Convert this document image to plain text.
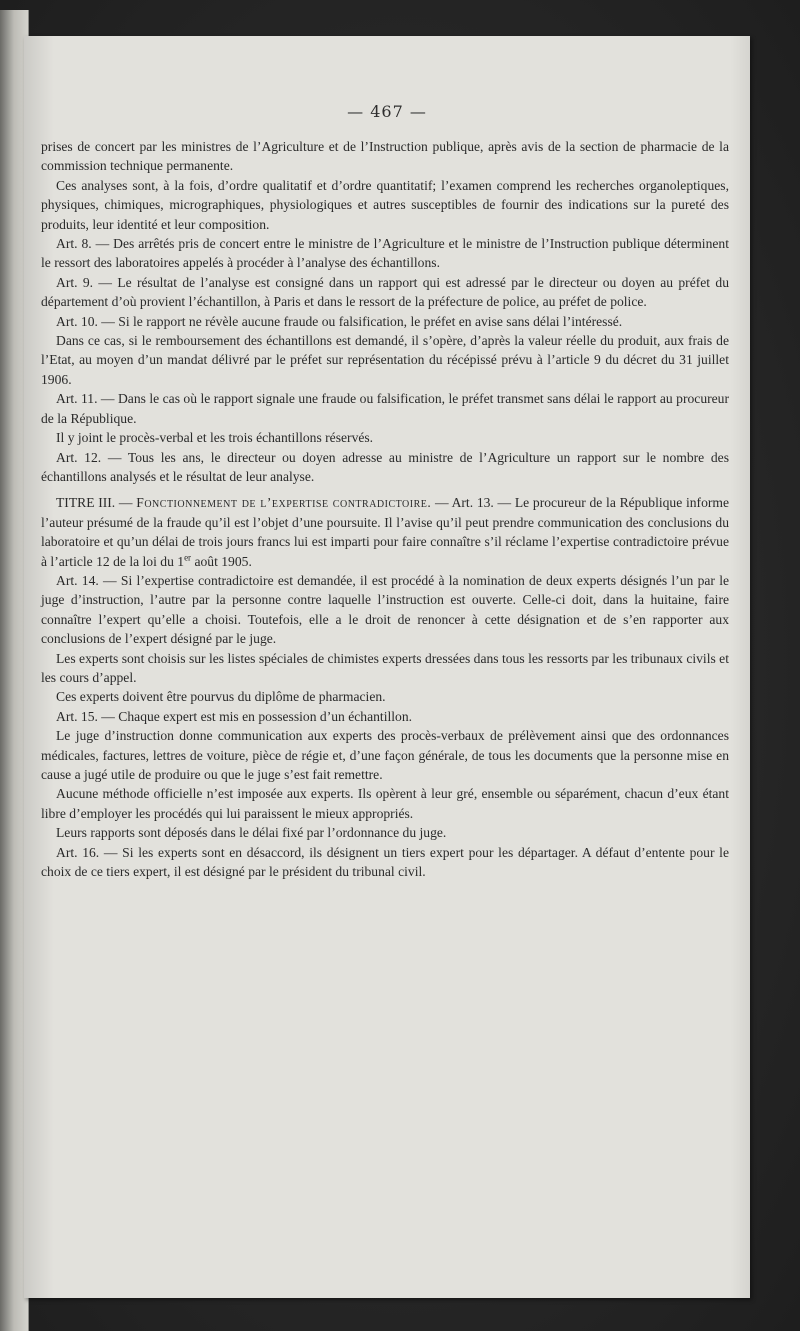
— 467 —

prises de concert par les ministres de l’Agriculture et de l’Instruction publique, après avis de la section de pharmacie de la commission technique permanente.

Ces analyses sont, à la fois, d’ordre qualitatif et d’ordre quantitatif; l’examen comprend les recherches organoleptiques, physiques, chimiques, micrographiques, physiologiques et autres susceptibles de fournir des indications sur la pureté des produits, leur identité et leur composition.

Art. 8. — Des arrêtés pris de concert entre le ministre de l’Agriculture et le ministre de l’Instruction publique déterminent le ressort des laboratoires appelés à procéder à l’analyse des échantillons.

Art. 9. — Le résultat de l’analyse est consigné dans un rapport qui est adressé par le directeur ou doyen au préfet du département d’où provient l’échantillon, à Paris et dans le ressort de la préfecture de police, au préfet de police.

Art. 10. — Si le rapport ne révèle aucune fraude ou falsification, le préfet en avise sans délai l’intéressé.

Dans ce cas, si le remboursement des échantillons est demandé, il s’opère, d’après la valeur réelle du produit, aux frais de l’Etat, au moyen d’un mandat délivré par le préfet sur représentation du récépissé prévu à l’article 9 du décret du 31 juillet 1906.

Art. 11. — Dans le cas où le rapport signale une fraude ou falsification, le préfet transmet sans délai le rapport au procureur de la République.

Il y joint le procès-verbal et les trois échantillons réservés.

Art. 12. — Tous les ans, le directeur ou doyen adresse au ministre de l’Agriculture un rapport sur le nombre des échantillons analysés et le résultat de leur analyse.

TITRE III. — Fonctionnement de l’expertise contradictoire. — Art. 13. — Le procureur de la République informe l’auteur présumé de la fraude qu’il est l’objet d’une poursuite. Il l’avise qu’il peut prendre communication des conclusions du laboratoire et qu’un délai de trois jours francs lui est imparti pour faire connaître s’il réclame l’expertise contradictoire prévue à l’article 12 de la loi du 1er août 1905.

Art. 14. — Si l’expertise contradictoire est demandée, il est procédé à la nomination de deux experts désignés l’un par le juge d’instruction, l’autre par la personne contre laquelle l’instruction est ouverte. Celle-ci doit, dans la huitaine, faire connaître l’expert qu’elle a choisi. Toutefois, elle a le droit de renoncer à cette désignation et de s’en rapporter aux conclusions de l’expert désigné par le juge.

Les experts sont choisis sur les listes spéciales de chimistes experts dressées dans tous les ressorts par les tribunaux civils et les cours d’appel.

Ces experts doivent être pourvus du diplôme de pharmacien.

Art. 15. — Chaque expert est mis en possession d’un échantillon.

Le juge d’instruction donne communication aux experts des procès-verbaux de prélèvement ainsi que des ordonnances médicales, factures, lettres de voiture, pièce de régie et, d’une façon générale, de tous les documents que la personne mise en cause a jugé utile de produire ou que le juge s’est fait remettre.

Aucune méthode officielle n’est imposée aux experts. Ils opèrent à leur gré, ensemble ou séparément, chacun d’eux étant libre d’employer les procédés qui lui paraissent le mieux appropriés.

Leurs rapports sont déposés dans le délai fixé par l’ordonnance du juge.

Art. 16. — Si les experts sont en désaccord, ils désignent un tiers expert pour les départager. A défaut d’entente pour le choix de ce tiers expert, il est désigné par le président du tribunal civil.
